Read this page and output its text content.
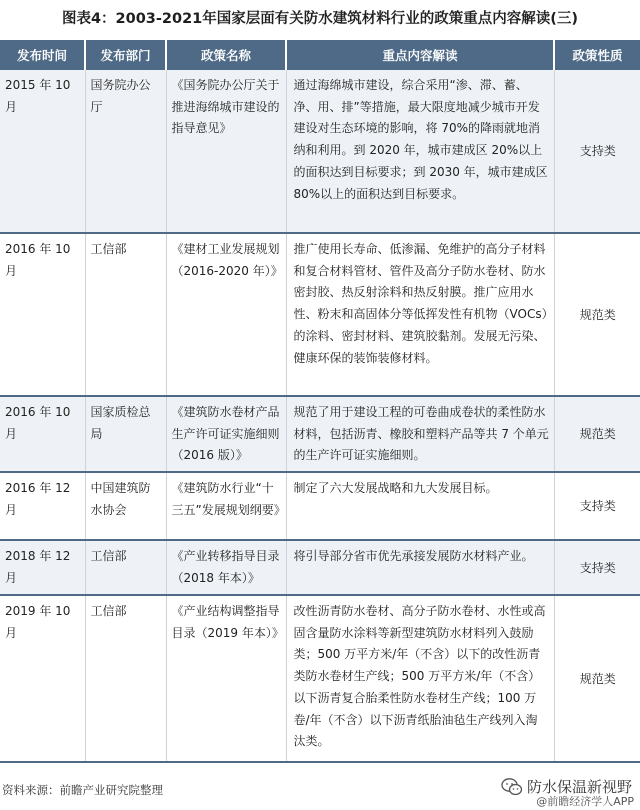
图表4：2003-2021年国家层面有关防水建筑材料行业的政策重点内容解读(三)
发布时间	发布部门	政策名称	重点内容解读	政策性质
2015 年 10 月	国务院办公厅	《国务院办公厅关于推进海绵城市建设的指导意见》	通过海绵城市建设，综合采用“渗、滞、蓄、净、用、排”等措施，最大限度地减少城市开发建设对生态环境的影响，将 70%的降雨就地消纳和利用。到 2020 年，城市建成区 20%以上的面积达到目标要求；到 2030 年，城市建成区 80%以上的面积达到目标要求。	支持类
2016 年 10 月	工信部	《建材工业发展规划（2016-2020 年）》	推广使用长寿命、低渗漏、免维护的高分子材料和复合材料管材、管件及高分子防水卷材、防水密封胶、热反射涂料和热反射膜。推广应用水性、粉末和高固体分等低挥发性有机物（VOCs）的涂料、密封材料、建筑胶黏剂。发展无污染、健康环保的装饰装修材料。	规范类
2016 年 10 月	国家质检总局	《建筑防水卷材产品生产许可证实施细则（2016 版）》	规范了用于建设工程的可卷曲成卷状的柔性防水材料，包括沥青、橡胶和塑料产品等共 7 个单元的生产许可证实施细则。	规范类
2016 年 12 月	中国建筑防水协会	《建筑防水行业“十三五”发展规划纲要》	制定了六大发展战略和九大发展目标。	支持类
2018 年 12 月	工信部	《产业转移指导目录（2018 年本）》	将引导部分省市优先承接发展防水材料产业。	支持类
2019 年 10 月	工信部	《产业结构调整指导目录（2019 年本）》	改性沥青防水卷材、高分子防水卷材、水性或高固含量防水涂料等新型建筑防水材料列入鼓励类；500 万平方米/年（不含）以下的改性沥青类防水卷材生产线；500 万平方米/年（不含）以下沥青复合胎柔性防水卷材生产线；100 万卷/年（不含）以下沥青纸胎油毡生产线列入淘汰类。	规范类
资料来源：前瞻产业研究院整理	防水保温新视野
@前瞻经济学人APP
